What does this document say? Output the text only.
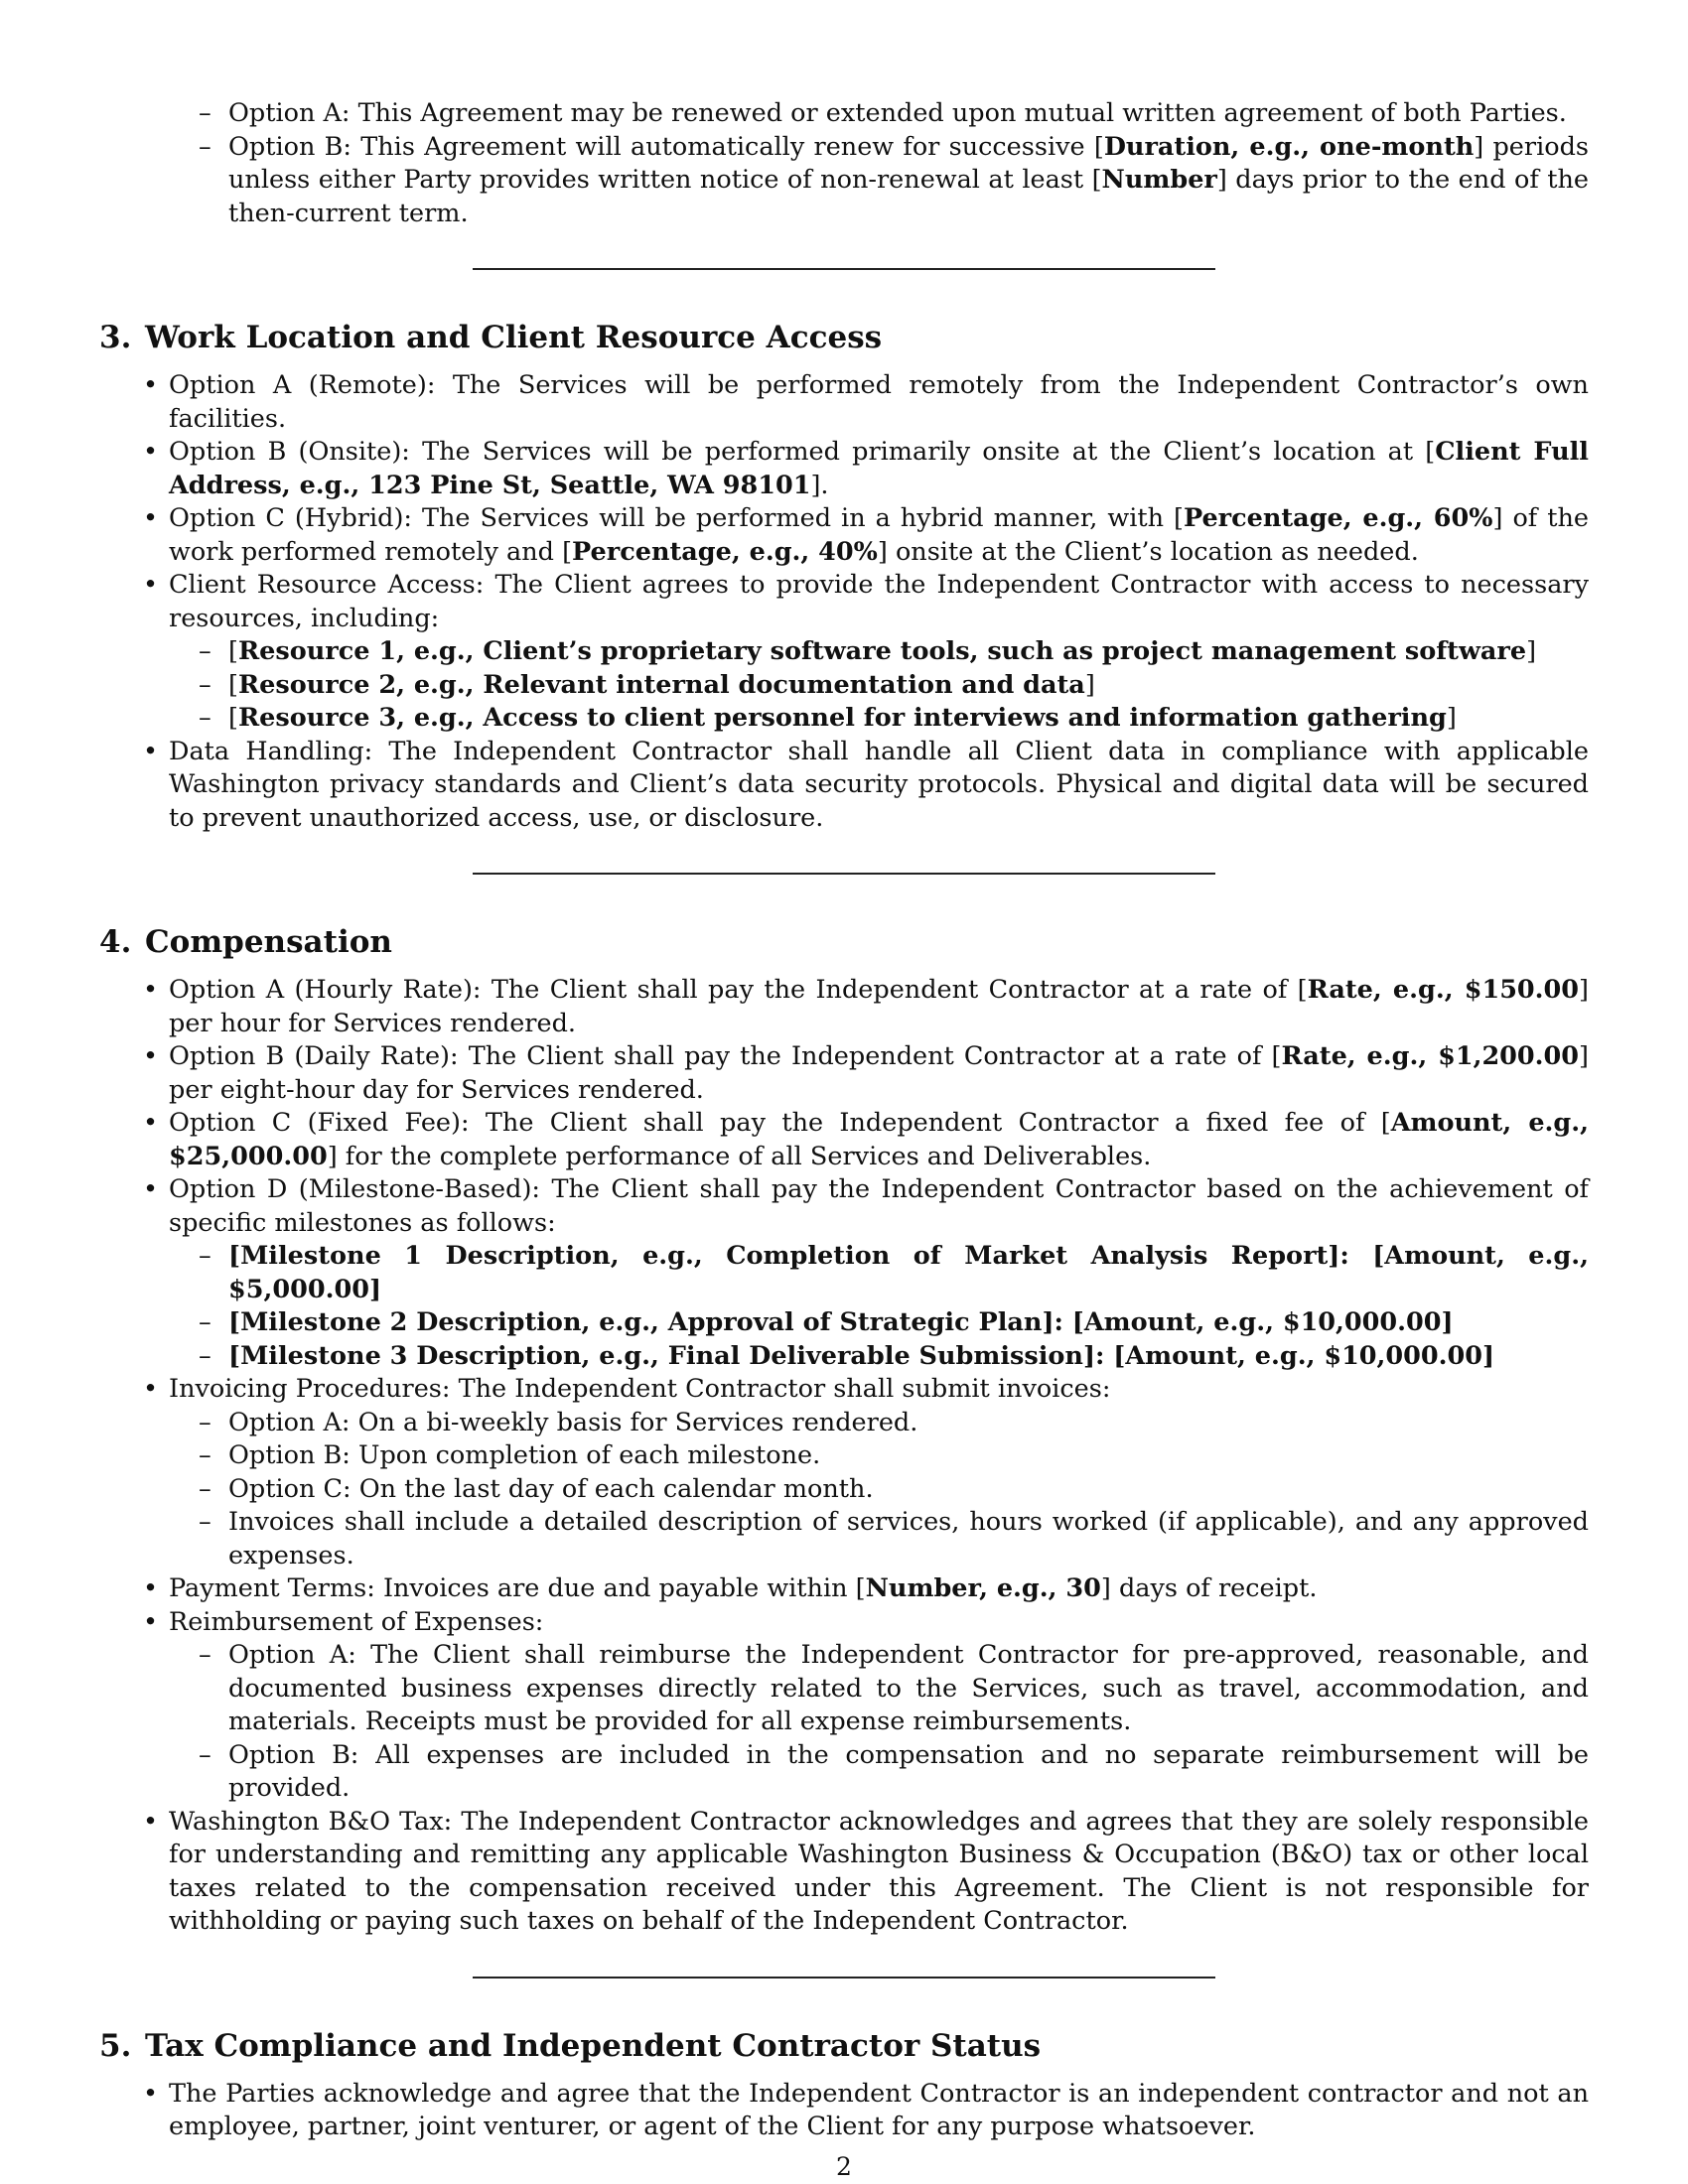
– Option A: This Agreement may be renewed or extended upon mutual written agreement of both Parties.
– Option B: This Agreement will automatically renew for successive [Duration, e.g., one-month] periods unless either Party provides written notice of non-renewal at least [Number] days prior to the end of the then-current term.
3. Work Location and Client Resource Access
• Option A (Remote): The Services will be performed remotely from the Independent Contractor’s own facilities.
• Option B (Onsite): The Services will be performed primarily onsite at the Client’s location at [Client Full Address, e.g., 123 Pine St, Seattle, WA 98101].
• Option C (Hybrid): The Services will be performed in a hybrid manner, with [Percentage, e.g., 60%] of the work performed remotely and [Percentage, e.g., 40%] onsite at the Client’s location as needed.
• Client Resource Access: The Client agrees to provide the Independent Contractor with access to necessary resources, including:
– [Resource 1, e.g., Client’s proprietary software tools, such as project management software]
– [Resource 2, e.g., Relevant internal documentation and data]
– [Resource 3, e.g., Access to client personnel for interviews and information gathering]
• Data Handling: The Independent Contractor shall handle all Client data in compliance with applicable Washington privacy standards and Client’s data security protocols. Physical and digital data will be secured to prevent unauthorized access, use, or disclosure.
4. Compensation
• Option A (Hourly Rate): The Client shall pay the Independent Contractor at a rate of [Rate, e.g., $150.00] per hour for Services rendered.
• Option B (Daily Rate): The Client shall pay the Independent Contractor at a rate of [Rate, e.g., $1,200.00] per eight-hour day for Services rendered.
• Option C (Fixed Fee): The Client shall pay the Independent Contractor a fixed fee of [Amount, e.g., $25,000.00] for the complete performance of all Services and Deliverables.
• Option D (Milestone-Based): The Client shall pay the Independent Contractor based on the achievement of specific milestones as follows:
– [Milestone 1 Description, e.g., Completion of Market Analysis Report]: [Amount, e.g., $5,000.00]
– [Milestone 2 Description, e.g., Approval of Strategic Plan]: [Amount, e.g., $10,000.00]
– [Milestone 3 Description, e.g., Final Deliverable Submission]: [Amount, e.g., $10,000.00]
• Invoicing Procedures: The Independent Contractor shall submit invoices:
– Option A: On a bi-weekly basis for Services rendered.
– Option B: Upon completion of each milestone.
– Option C: On the last day of each calendar month.
– Invoices shall include a detailed description of services, hours worked (if applicable), and any approved expenses.
• Payment Terms: Invoices are due and payable within [Number, e.g., 30] days of receipt.
• Reimbursement of Expenses:
– Option A: The Client shall reimburse the Independent Contractor for pre-approved, reasonable, and documented business expenses directly related to the Services, such as travel, accommodation, and materials. Receipts must be provided for all expense reimbursements.
– Option B: All expenses are included in the compensation and no separate reimbursement will be provided.
• Washington B&O Tax: The Independent Contractor acknowledges and agrees that they are solely responsible for understanding and remitting any applicable Washington Business & Occupation (B&O) tax or other local taxes related to the compensation received under this Agreement. The Client is not responsible for withholding or paying such taxes on behalf of the Independent Contractor.
5. Tax Compliance and Independent Contractor Status
• The Parties acknowledge and agree that the Independent Contractor is an independent contractor and not an employee, partner, joint venturer, or agent of the Client for any purpose whatsoever.
2
